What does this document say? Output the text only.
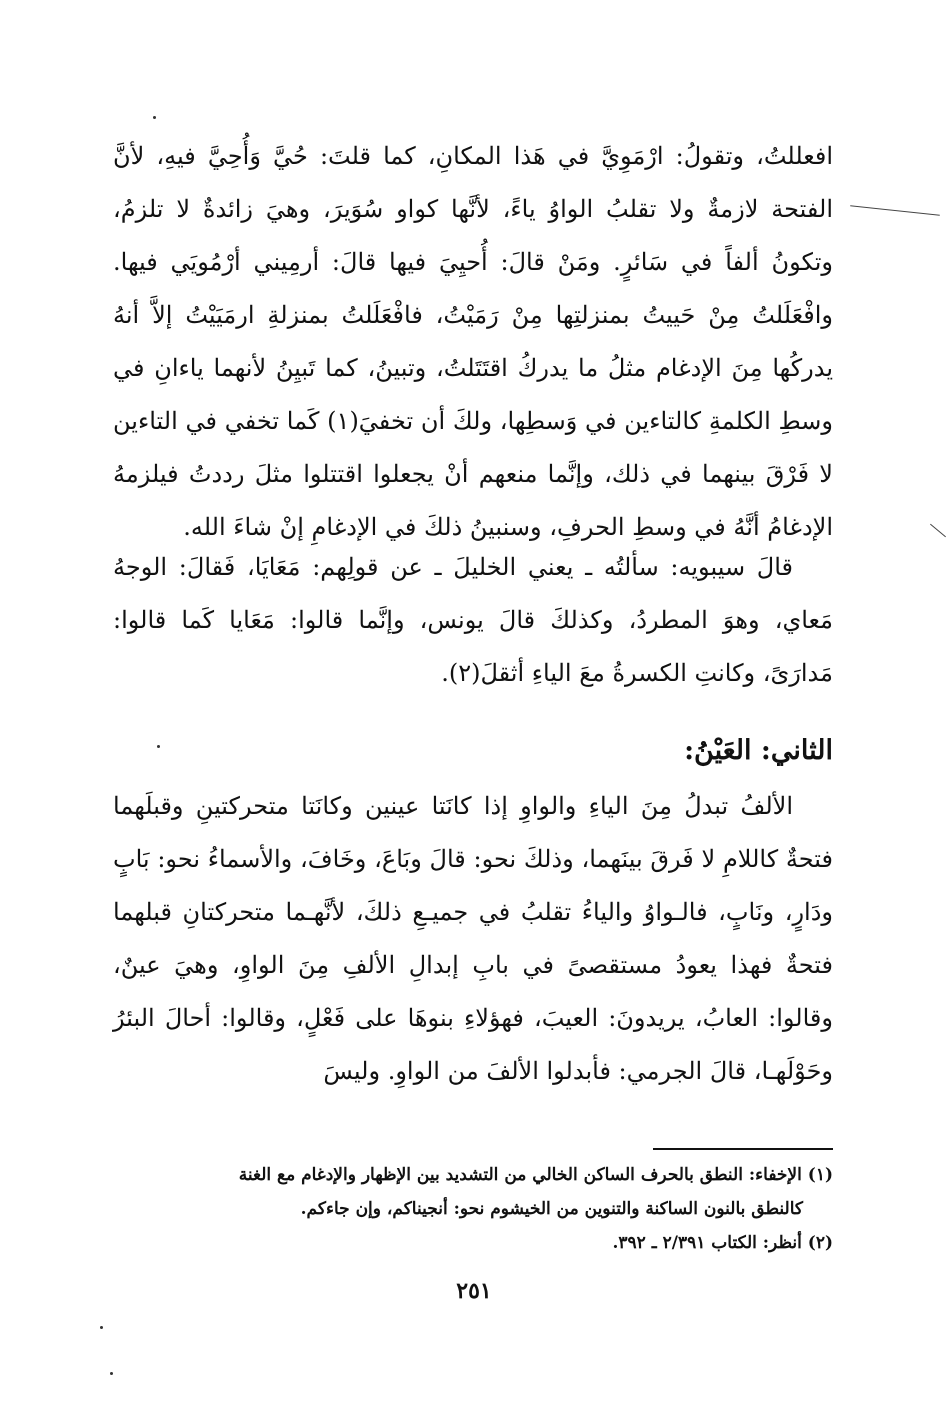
افعللتُ، وتقولُ: ارْمَوِيَّ في هَذا المكانِ، كما قلتَ: حُيَّ وَأُحِيَّ فيهِ، لأنَّ الفتحة لازمةٌ ولا تقلبُ الواوُ ياءً، لأنَّها كواو سُوَيرَ، وهيَ زائدةٌ لا تلزمُ، وتكونُ ألفاً في سَائرٍ. ومَنْ قالَ: أُحيِيَ فيها قالَ: أرمِيني أرْمُويَي فيها. وافْعَلَلتُ مِنْ حَييتُ بمنزلتِها مِنْ رَمَيْتُ، فافْعَلَلتُ بمنزلةِ ارمَيَيْتُ إلاَّ أنهُ يدركُها مِنَ الإدغام مثلُ ما يدركُ اقتَتَلتُ، وتبينُ، كما تَبيِنُ لأنهما ياءانِ في وسطِ الكلمةِ كالتاءين في وَسطِها، ولكَ أن تخفيَ(١) كَما تخفي في التاءين لا فَرْقَ بينهما في ذلك، وإنَّما منعهم أنْ يجعلوا اقتتلوا مثلَ رددتُ فيلزمهُ الإدغامُ أنَّهُ في وسطِ الحرفِ، وسنبينُ ذلكَ في الإدغامِ إنْ شاءَ الله.

قالَ سيبويه: سألتُه ـ يعني الخليلَ ـ عن قولِهم: مَعَايَا، فَقالَ: الوجهُ مَعاي، وهوَ المطردُ، وكذلكَ قالَ يونس، وإنَّما قالوا: مَعَايا كَما قالوا: مَدارَىً، وكانتِ الكسرةُ معَ الياءِ أثقلَ(٢).

الثاني: العَيْنُ:

الألفُ تبدلُ مِنَ الياءِ والواوِ إذا كانَتا عينين وكانَتا متحركتينِ وقبلَهما فتحةٌ كاللامِ لا فَرقَ بينَهما، وذلكَ نحو: قالَ وبَاعَ، وخَافَ، والأسماءُ نحو: بَابٍ ودَارٍ، ونَابٍ، فالـواوُ والياءُ تقلبُ في جميـعِ ذلكَ، لأنَّهـما متحركتانِ قبلهما فتحةٌ فهذا يعودُ مستقصىً في بابِ إبدالِ الألفِ مِنَ الواوِ، وهيَ عينٌ، وقالوا: العابُ، يريدونَ: العيبَ، فهؤلاءِ بنوهَا على فَعْلٍ، وقالوا: أحالَ البئرُ وحَوْلَهـا، قالَ الجرمي: فأبدلوا الألفَ من الواوِ. وليسَ

(١) الإخفاء: النطق بالحرف الساكن الخالي من التشديد بين الإظهار والإدغام مع الغنة
كالنطق بالنون الساكنة والتنوين من الخيشوم نحو: أنجيناكم، وإن جاءكم.
(٢) أنظر: الكتاب ٢/٣٩١ ـ ٣٩٢.
٢٥١
